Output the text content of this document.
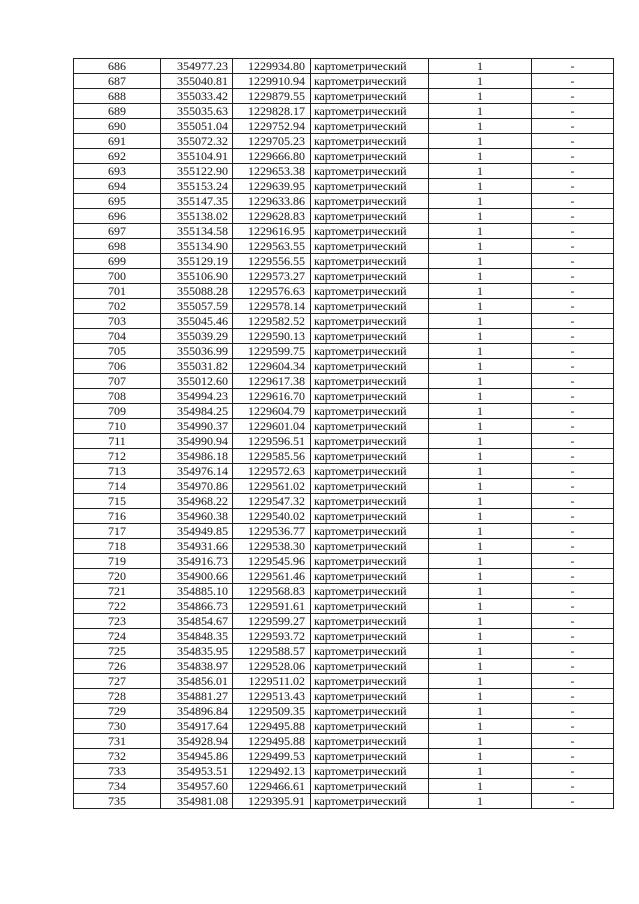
686	354977.23	1229934.80	картометрический	1	-
687	355040.81	1229910.94	картометрический	1	-
688	355033.42	1229879.55	картометрический	1	-
689	355035.63	1229828.17	картометрический	1	-
690	355051.04	1229752.94	картометрический	1	-
691	355072.32	1229705.23	картометрический	1	-
692	355104.91	1229666.80	картометрический	1	-
693	355122.90	1229653.38	картометрический	1	-
694	355153.24	1229639.95	картометрический	1	-
695	355147.35	1229633.86	картометрический	1	-
696	355138.02	1229628.83	картометрический	1	-
697	355134.58	1229616.95	картометрический	1	-
698	355134.90	1229563.55	картометрический	1	-
699	355129.19	1229556.55	картометрический	1	-
700	355106.90	1229573.27	картометрический	1	-
701	355088.28	1229576.63	картометрический	1	-
702	355057.59	1229578.14	картометрический	1	-
703	355045.46	1229582.52	картометрический	1	-
704	355039.29	1229590.13	картометрический	1	-
705	355036.99	1229599.75	картометрический	1	-
706	355031.82	1229604.34	картометрический	1	-
707	355012.60	1229617.38	картометрический	1	-
708	354994.23	1229616.70	картометрический	1	-
709	354984.25	1229604.79	картометрический	1	-
710	354990.37	1229601.04	картометрический	1	-
711	354990.94	1229596.51	картометрический	1	-
712	354986.18	1229585.56	картометрический	1	-
713	354976.14	1229572.63	картометрический	1	-
714	354970.86	1229561.02	картометрический	1	-
715	354968.22	1229547.32	картометрический	1	-
716	354960.38	1229540.02	картометрический	1	-
717	354949.85	1229536.77	картометрический	1	-
718	354931.66	1229538.30	картометрический	1	-
719	354916.73	1229545.96	картометрический	1	-
720	354900.66	1229561.46	картометрический	1	-
721	354885.10	1229568.83	картометрический	1	-
722	354866.73	1229591.61	картометрический	1	-
723	354854.67	1229599.27	картометрический	1	-
724	354848.35	1229593.72	картометрический	1	-
725	354835.95	1229588.57	картометрический	1	-
726	354838.97	1229528.06	картометрический	1	-
727	354856.01	1229511.02	картометрический	1	-
728	354881.27	1229513.43	картометрический	1	-
729	354896.84	1229509.35	картометрический	1	-
730	354917.64	1229495.88	картометрический	1	-
731	354928.94	1229495.88	картометрический	1	-
732	354945.86	1229499.53	картометрический	1	-
733	354953.51	1229492.13	картометрический	1	-
734	354957.60	1229466.61	картометрический	1	-
735	354981.08	1229395.91	картометрический	1	-
